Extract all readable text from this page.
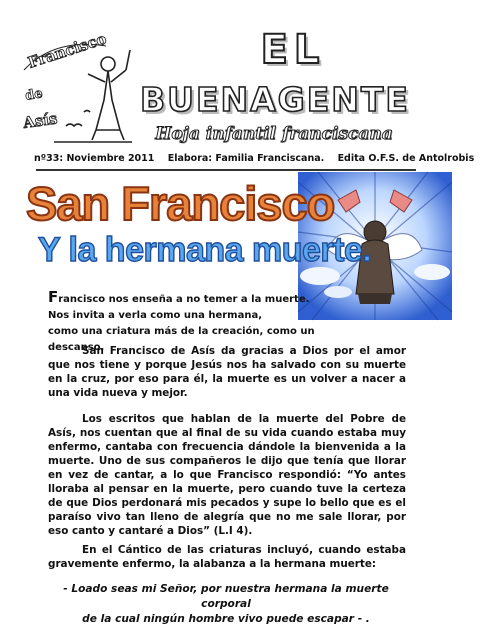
Francisco
de
Asís
EL
BUENAGENTE
Hoja infantil franciscana
nº33: Noviembre 2011 Elabora: Familia Franciscana. Edita O.F.S. de Antolrobis
San Francisco
Y la hermana muerte.
Francisco nos enseña a no temer a la muerte.
Nos invita a verla como una hermana,
como una criatura más de la creación, como un descanso.
San Francisco de Asís da gracias a Dios por el amor que nos tiene y porque Jesús nos ha salvado con su muerte en la cruz, por eso para él, la muerte es un volver a nacer a una vida nueva y mejor.
Los escritos que hablan de la muerte del Pobre de Asís, nos cuentan que al final de su vida cuando estaba muy enfermo, cantaba con frecuencia dándole la bienvenida a la muerte. Uno de sus compañeros le dijo que tenía que llorar en vez de cantar, a lo que Francisco respondió: “Yo antes lloraba al pensar en la muerte, pero cuando tuve la certeza de que Dios perdonará mis pecados y supe lo bello que es el paraíso vivo tan lleno de alegría que no me sale llorar, por eso canto y cantaré a Dios” (L.I 4).
En el Cántico de las criaturas incluyó, cuando estaba gravemente enfermo, la alabanza a la hermana muerte:
- Loado seas mi Señor, por nuestra hermana la muerte corporal
de la cual ningún hombre vivo puede escapar - .
